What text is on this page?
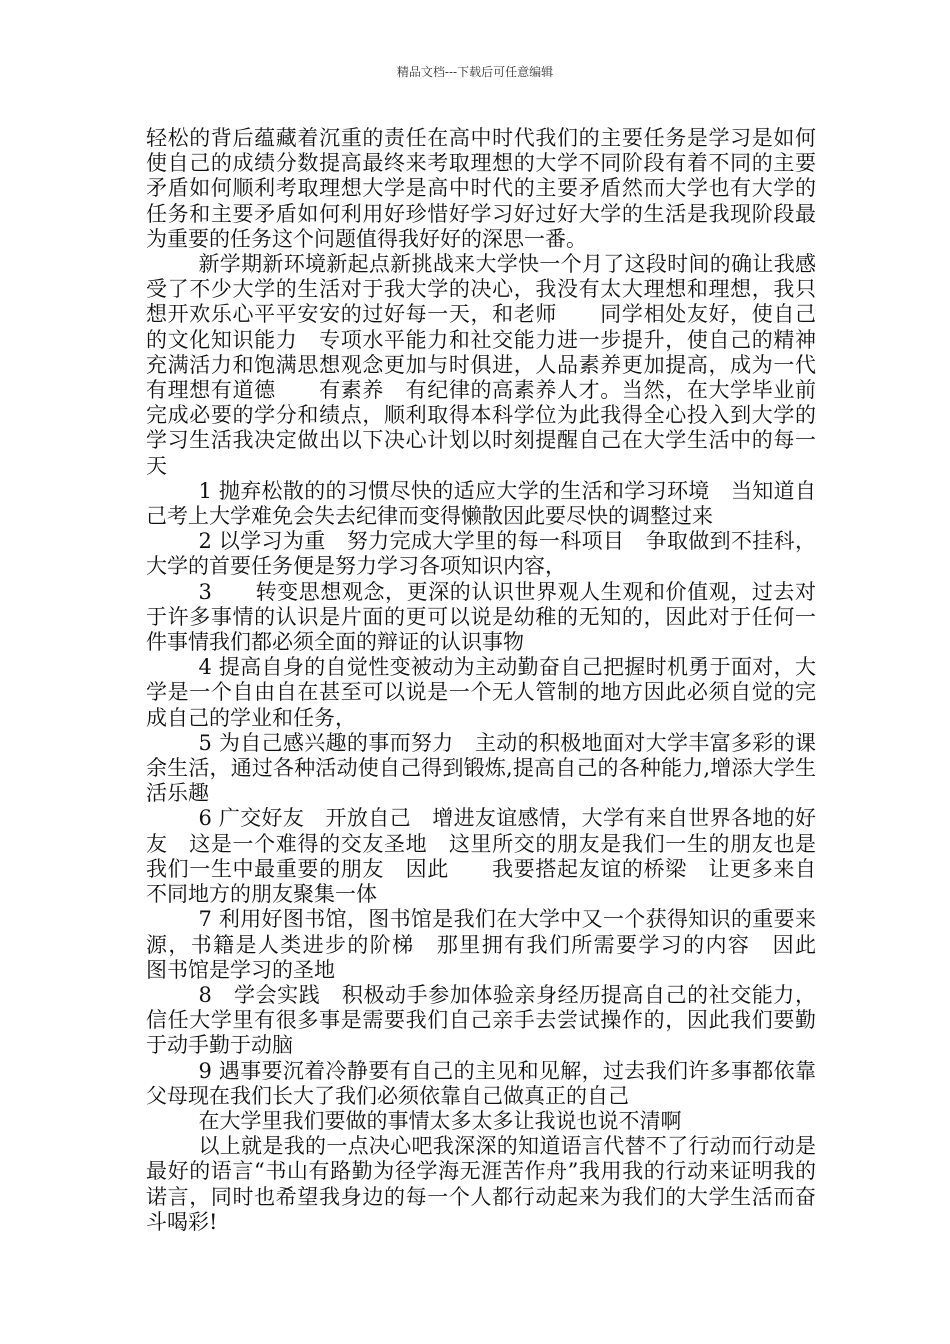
精品文档---下载后可任意编辑

轻松的背后蕴藏着沉重的责任在高中时代我们的主要任务是学习是如何使自己的成绩分数提高最终来考取理想的大学不同阶段有着不同的主要矛盾如何顺利考取理想大学是高中时代的主要矛盾然而大学也有大学的任务和主要矛盾如何利用好珍惜好学习好过好大学的生活是我现阶段最为重要的任务这个问题值得我好好的深思一番。

新学期新环境新起点新挑战来大学快一个月了这段时间的确让我感受了不少大学的生活对于我大学的决心，我没有太大理想和理想，我只想开欢乐心平平安安的过好每一天，和老师　　同学相处友好，使自己的文化知识能力　专项水平能力和社交能力进一步提升，使自己的精神充满活力和饱满思想观念更加与时俱进，人品素养更加提高，成为一代有理想有道德　　有素养　有纪律的高素养人才。当然，在大学毕业前完成必要的学分和绩点，顺利取得本科学位为此我得全心投入到大学的学习生活我决定做出以下决心计划以时刻提醒自己在大学生活中的每一天

1 抛弃松散的的习惯尽快的适应大学的生活和学习环境　当知道自己考上大学难免会失去纪律而变得懒散因此要尽快的调整过来

2 以学习为重　努力完成大学里的每一科项目　争取做到不挂科，大学的首要任务便是努力学习各项知识内容，

3　　转变思想观念，更深的认识世界观人生观和价值观，过去对于许多事情的认识是片面的更可以说是幼稚的无知的，因此对于任何一件事情我们都必须全面的辩证的认识事物

4 提高自身的自觉性变被动为主动勤奋自己把握时机勇于面对，大学是一个自由自在甚至可以说是一个无人管制的地方因此必须自觉的完成自己的学业和任务，

5 为自己感兴趣的事而努力　主动的积极地面对大学丰富多彩的课余生活，通过各种活动使自己得到锻炼,提高自己的各种能力,增添大学生活乐趣

6 广交好友　开放自己　增进友谊感情，大学有来自世界各地的好友　这是一个难得的交友圣地　这里所交的朋友是我们一生的朋友也是我们一生中最重要的朋友　因此　　我要搭起友谊的桥梁　让更多来自不同地方的朋友聚集一体

7 利用好图书馆，图书馆是我们在大学中又一个获得知识的重要来源，书籍是人类进步的阶梯　那里拥有我们所需要学习的内容　因此　图书馆是学习的圣地

8　学会实践　积极动手参加体验亲身经历提高自己的社交能力，信任大学里有很多事是需要我们自己亲手去尝试操作的，因此我们要勤于动手勤于动脑

9 遇事要沉着冷静要有自己的主见和见解，过去我们许多事都依靠父母现在我们长大了我们必须依靠自己做真正的自己

在大学里我们要做的事情太多太多让我说也说不清啊

以上就是我的一点决心吧我深深的知道语言代替不了行动而行动是最好的语言“书山有路勤为径学海无涯苦作舟”我用我的行动来证明我的诺言，同时也希望我身边的每一个人都行动起来为我们的大学生活而奋斗喝彩!
